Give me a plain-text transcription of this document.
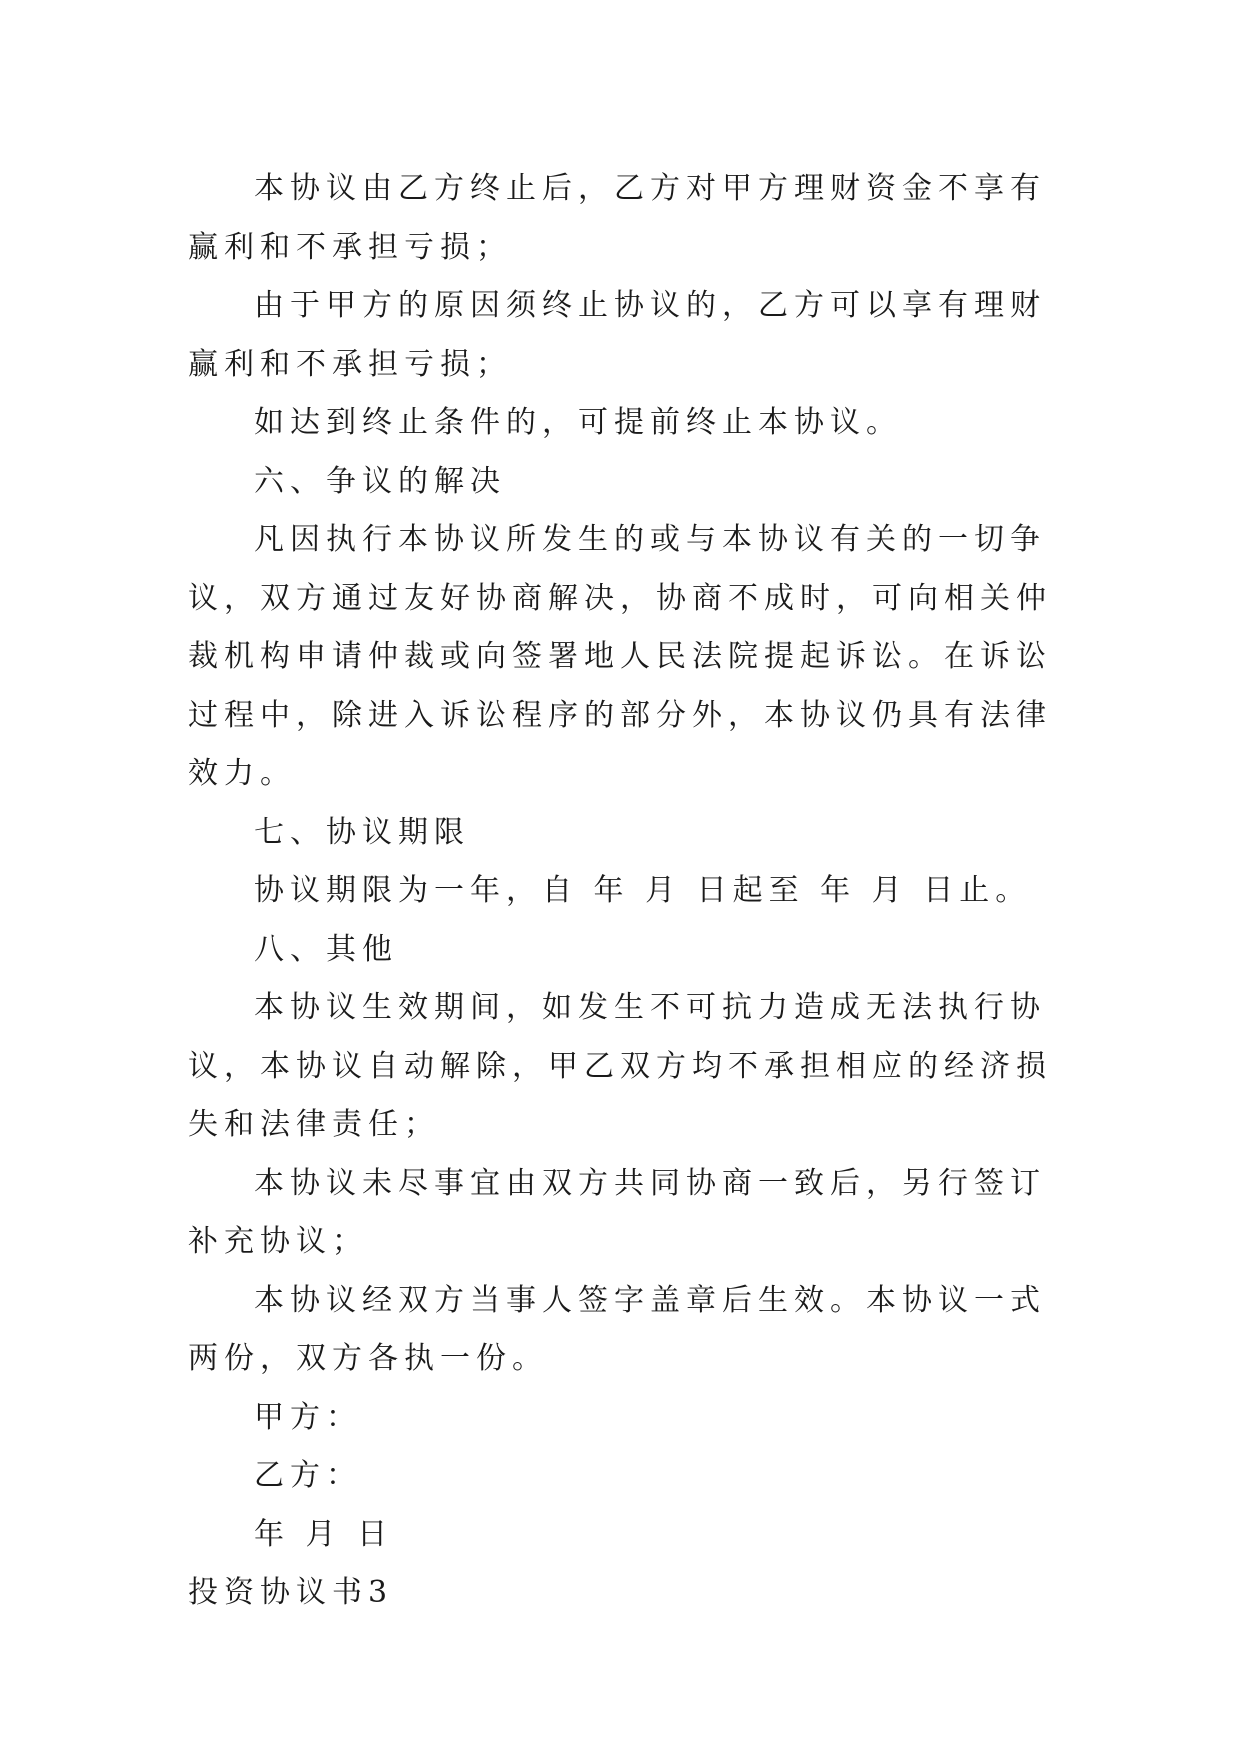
本协议由乙方终止后，乙方对甲方理财资金不享有赢利和不承担亏损；

由于甲方的原因须终止协议的，乙方可以享有理财赢利和不承担亏损；

如达到终止条件的，可提前终止本协议。

六、争议的解决

凡因执行本协议所发生的或与本协议有关的一切争议，双方通过友好协商解决，协商不成时，可向相关仲裁机构申请仲裁或向签署地人民法院提起诉讼。在诉讼过程中，除进入诉讼程序的部分外，本协议仍具有法律效力。

七、协议期限

协议期限为一年，自 年 月 日起至 年 月 日止。

八、其他

本协议生效期间，如发生不可抗力造成无法执行协议，本协议自动解除，甲乙双方均不承担相应的经济损失和法律责任；

本协议未尽事宜由双方共同协商一致后，另行签订补充协议；

本协议经双方当事人签字盖章后生效。本协议一式两份，双方各执一份。

甲方：

乙方：

年 月 日

投资协议书3
